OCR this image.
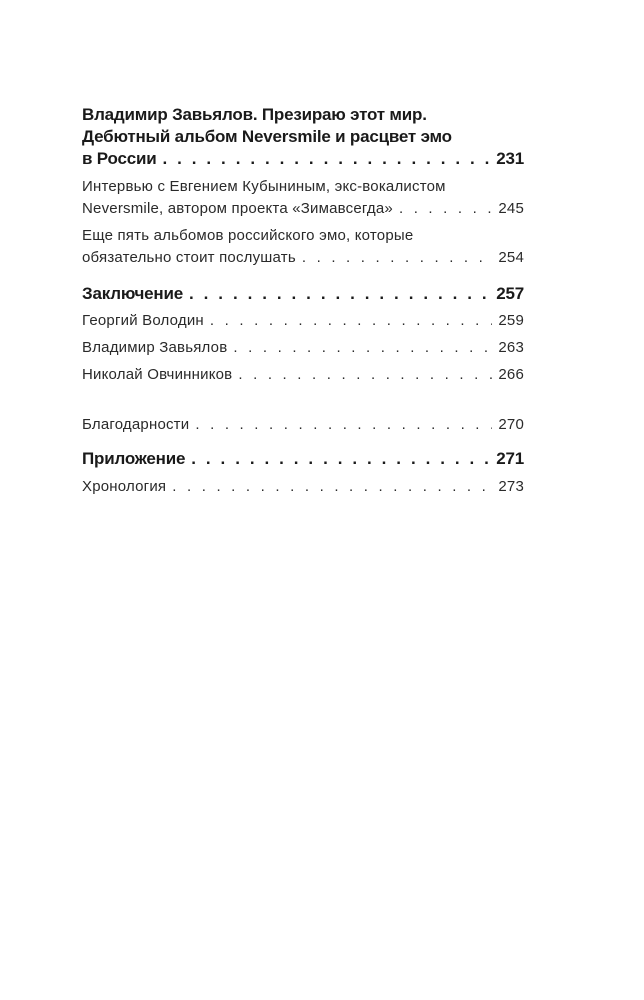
Владимир Завьялов. Презираю этот мир.
Дебютный альбом Neversmile и расцвет эмо
в России . . .	231
Интервью с Евгением Кубыниным, экс-вокалистом
Neversmile, автором проекта «Зимавсегда» . . .	245
Еще пять альбомов российского эмо, которые
обязательно стоит послушать . . .	254
Заключение . . .	257
Георгий Володин . . .	259
Владимир Завьялов . . .	263
Николай Овчинников . . .	266
Благодарности . . .	270
Приложение . . .	271
Хронология . . .	273
